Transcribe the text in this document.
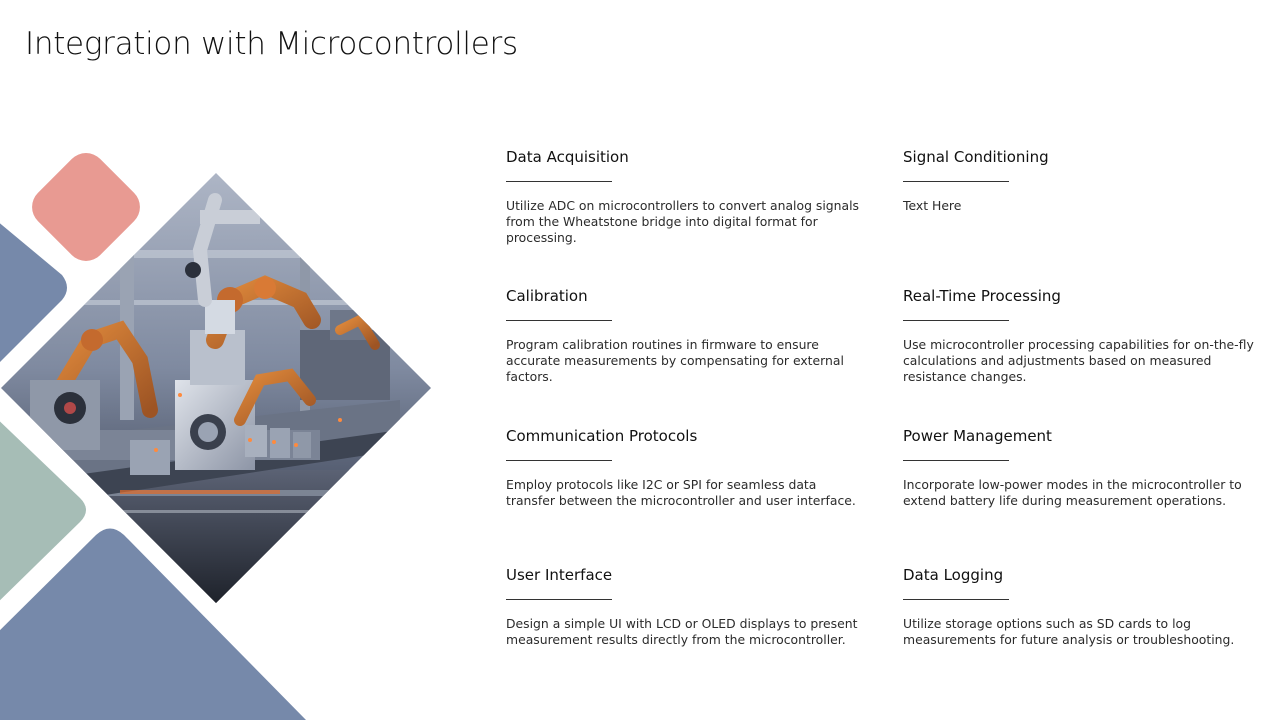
Integration with Microcontrollers
Data Acquisition

Utilize ADC on microcontrollers to convert analog signals from the Wheatstone bridge into digital format for processing.

Signal Conditioning

Text Here

Calibration

Program calibration routines in firmware to ensure accurate measurements by compensating for external factors.

Real-Time Processing

Use microcontroller processing capabilities for on-the-fly calculations and adjustments based on measured resistance changes.

Communication Protocols

Employ protocols like I2C or SPI for seamless data transfer between the microcontroller and user interface.

Power Management

Incorporate low-power modes in the microcontroller to extend battery life during measurement operations.

User Interface

Design a simple UI with LCD or OLED displays to present measurement results directly from the microcontroller.

Data Logging

Utilize storage options such as SD cards to log measurements for future analysis or troubleshooting.
